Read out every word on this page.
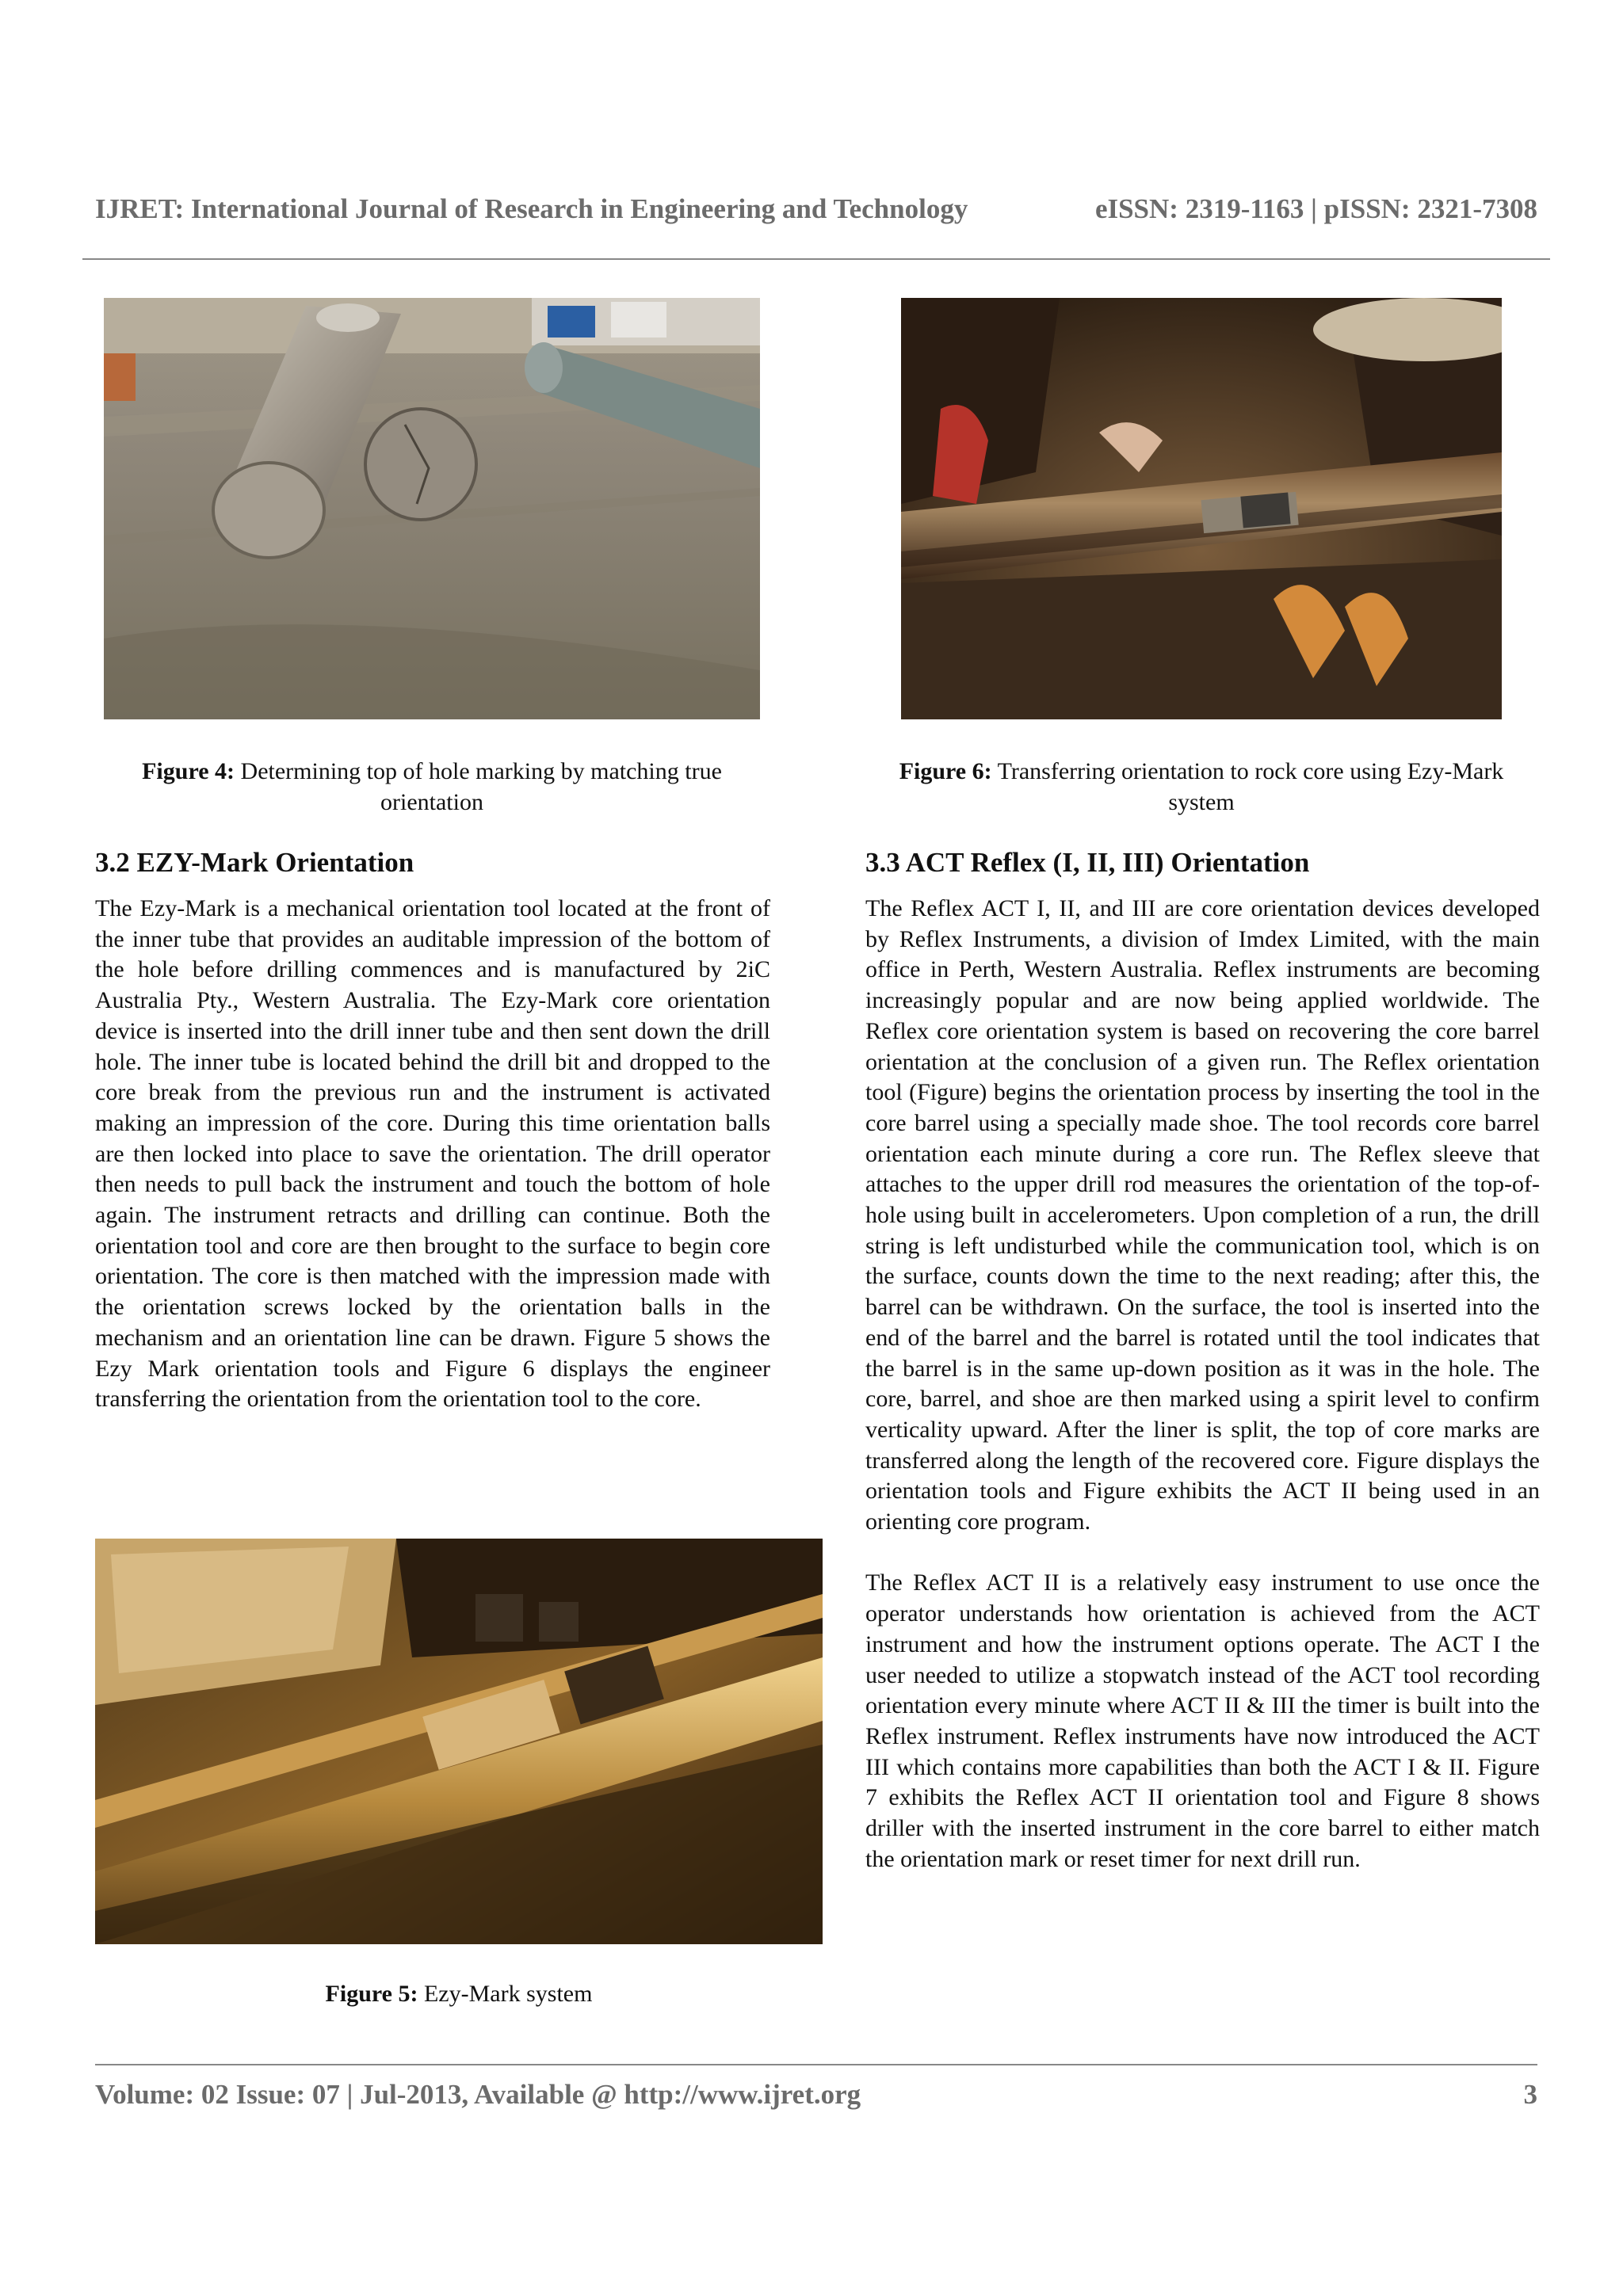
IJRET: International Journal of Research in Engineering and Technology	eISSN: 2319-1163 | pISSN: 2321-7308
Figure 4: Determining top of hole marking by matching true orientation
Figure 6: Transferring orientation to rock core using Ezy-Mark system
3.2 EZY-Mark Orientation	3.3 ACT Reflex (I, II, III) Orientation

The Ezy-Mark is a mechanical orientation tool located at the front of the inner tube that provides an auditable impression of the bottom of the hole before drilling commences and is manufactured by 2iC Australia Pty., Western Australia. The Ezy-Mark core orientation device is inserted into the drill inner tube and then sent down the drill hole. The inner tube is located behind the drill bit and dropped to the core break from the previous run and the instrument is activated making an impression of the core. During this time orientation balls are then locked into place to save the orientation. The drill operator then needs to pull back the instrument and touch the bottom of hole again. The instrument retracts and drilling can continue. Both the orientation tool and core are then brought to the surface to begin core orientation. The core is then matched with the impression made with the orientation screws locked by the orientation balls in the mechanism and an orientation line can be drawn. Figure 5 shows the Ezy Mark orientation tools and Figure 6 displays the engineer transferring the orientation from the orientation tool to the core.

Figure 5: Ezy-Mark system

The Reflex ACT I, II, and III are core orientation devices developed by Reflex Instruments, a division of Imdex Limited, with the main office in Perth, Western Australia. Reflex instruments are becoming increasingly popular and are now being applied worldwide. The Reflex core orientation system is based on recovering the core barrel orientation at the conclusion of a given run. The Reflex orientation tool (Figure) begins the orientation process by inserting the tool in the core barrel using a specially made shoe. The tool records core barrel orientation each minute during a core run. The Reflex sleeve that attaches to the upper drill rod measures the orientation of the top-of-hole using built in accelerometers. Upon completion of a run, the drill string is left undisturbed while the communication tool, which is on the surface, counts down the time to the next reading; after this, the barrel can be withdrawn. On the surface, the tool is inserted into the end of the barrel and the barrel is rotated until the tool indicates that the barrel is in the same up-down position as it was in the hole. The core, barrel, and shoe are then marked using a spirit level to confirm verticality upward. After the liner is split, the top of core marks are transferred along the length of the recovered core. Figure displays the orientation tools and Figure exhibits the ACT II being used in an orienting core program.

The Reflex ACT II is a relatively easy instrument to use once the operator understands how orientation is achieved from the ACT instrument and how the instrument options operate. The ACT I the user needed to utilize a stopwatch instead of the ACT tool recording orientation every minute where ACT II & III the timer is built into the Reflex instrument. Reflex instruments have now introduced the ACT III which contains more capabilities than both the ACT I & II. Figure 7 exhibits the Reflex ACT II orientation tool and Figure 8 shows driller with the inserted instrument in the core barrel to either match the orientation mark or reset timer for next drill run.

Volume: 02 Issue: 07 | Jul-2013, Available @ http://www.ijret.org	3
